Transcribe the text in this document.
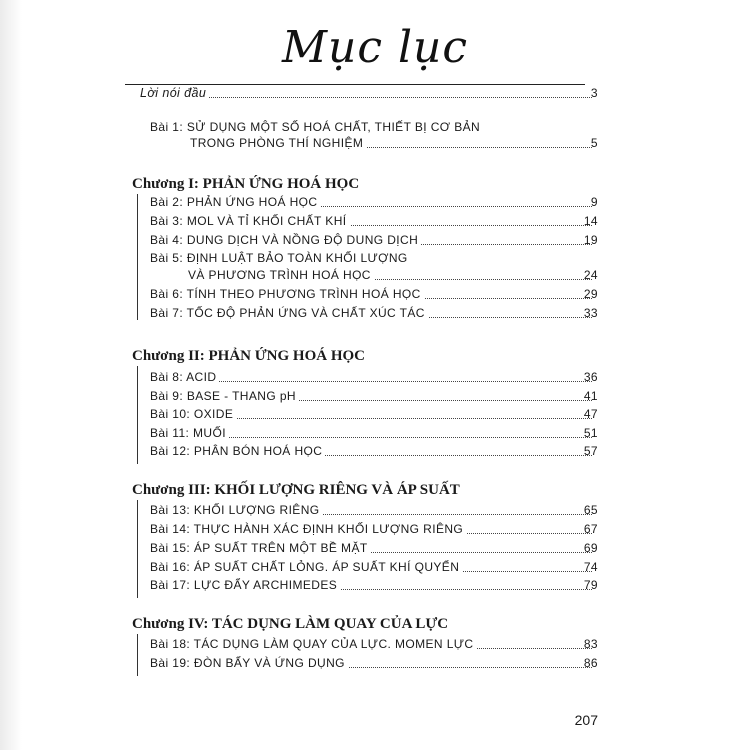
Mục lục
Lời nói đầu	3
Bài 1: SỬ DỤNG MỘT SỐ HOÁ CHẤT, THIẾT BỊ CƠ BẢN
TRONG PHÒNG THÍ NGHIỆM	5
Chương I: PHẢN ỨNG HOÁ HỌC
Bài 2: PHẢN ỨNG HOÁ HỌC	9
Bài 3: MOL VÀ TỈ KHỐI CHẤT KHÍ	14
Bài 4: DUNG DỊCH VÀ NỒNG ĐỘ DUNG DỊCH	19
Bài 5: ĐỊNH LUẬT BẢO TOÀN KHỐI LƯỢNG
VÀ PHƯƠNG TRÌNH HOÁ HỌC	24
Bài 6: TÍNH THEO PHƯƠNG TRÌNH HOÁ HỌC	29
Bài 7: TỐC ĐỘ PHẢN ỨNG VÀ CHẤT XÚC TÁC	33
Chương II: PHẢN ỨNG HOÁ HỌC
Bài 8: ACID	36
Bài 9: BASE - THANG pH	41
Bài 10: OXIDE	47
Bài 11: MUỐI	51
Bài 12: PHÂN BÓN HOÁ HỌC	57
Chương III: KHỐI LƯỢNG RIÊNG VÀ ÁP SUẤT
Bài 13: KHỐI LƯỢNG RIÊNG	65
Bài 14: THỰC HÀNH XÁC ĐỊNH KHỐI LƯỢNG RIÊNG	67
Bài 15: ÁP SUẤT TRÊN MỘT BỀ MẶT	69
Bài 16: ÁP SUẤT CHẤT LỎNG. ÁP SUẤT KHÍ QUYỂN	74
Bài 17: LỰC ĐẨY ARCHIMEDES	79
Chương IV: TÁC DỤNG LÀM QUAY CỦA LỰC
Bài 18: TÁC DỤNG LÀM QUAY CỦA LỰC. MOMEN LỰC	83
Bài 19: ĐÒN BẨY VÀ ỨNG DỤNG	86
207
